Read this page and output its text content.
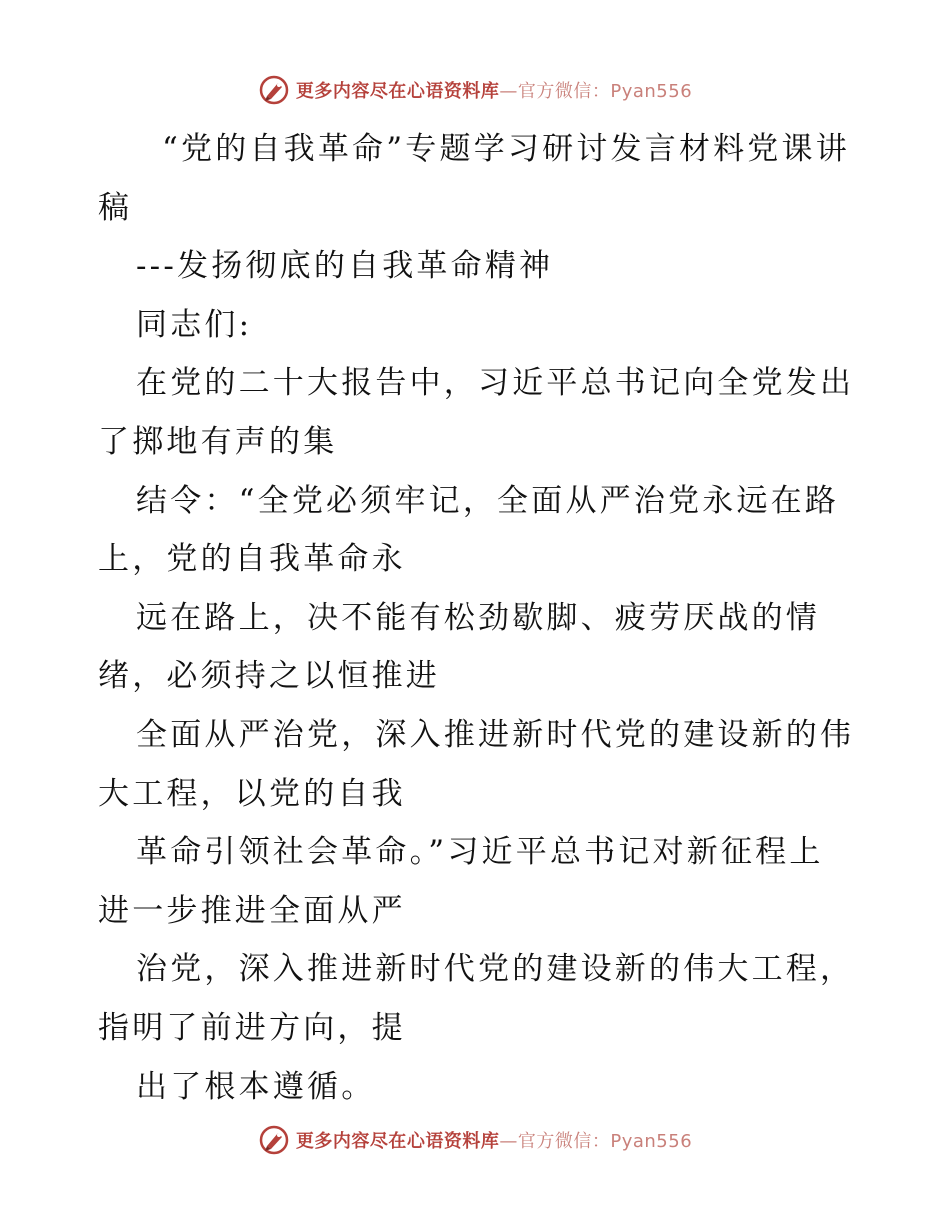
更多内容尽在心语资料库—官方微信：Pyan556
“党的自我革命”专题学习研讨发言材料党课讲
稿
---发扬彻底的自我革命精神
同志们:
在党的二十大报告中，习近平总书记向全党发出
了掷地有声的集
结令：“全党必须牢记，全面从严治党永远在路
上，党的自我革命永
远在路上，决不能有松劲歇脚、疲劳厌战的情
绪，必须持之以恒推进
全面从严治党，深入推进新时代党的建设新的伟
大工程，以党的自我
革命引领社会革命。”习近平总书记对新征程上
进一步推进全面从严
治党，深入推进新时代党的建设新的伟大工程，
指明了前进方向，提
出了根本遵循。
更多内容尽在心语资料库—官方微信：Pyan556
